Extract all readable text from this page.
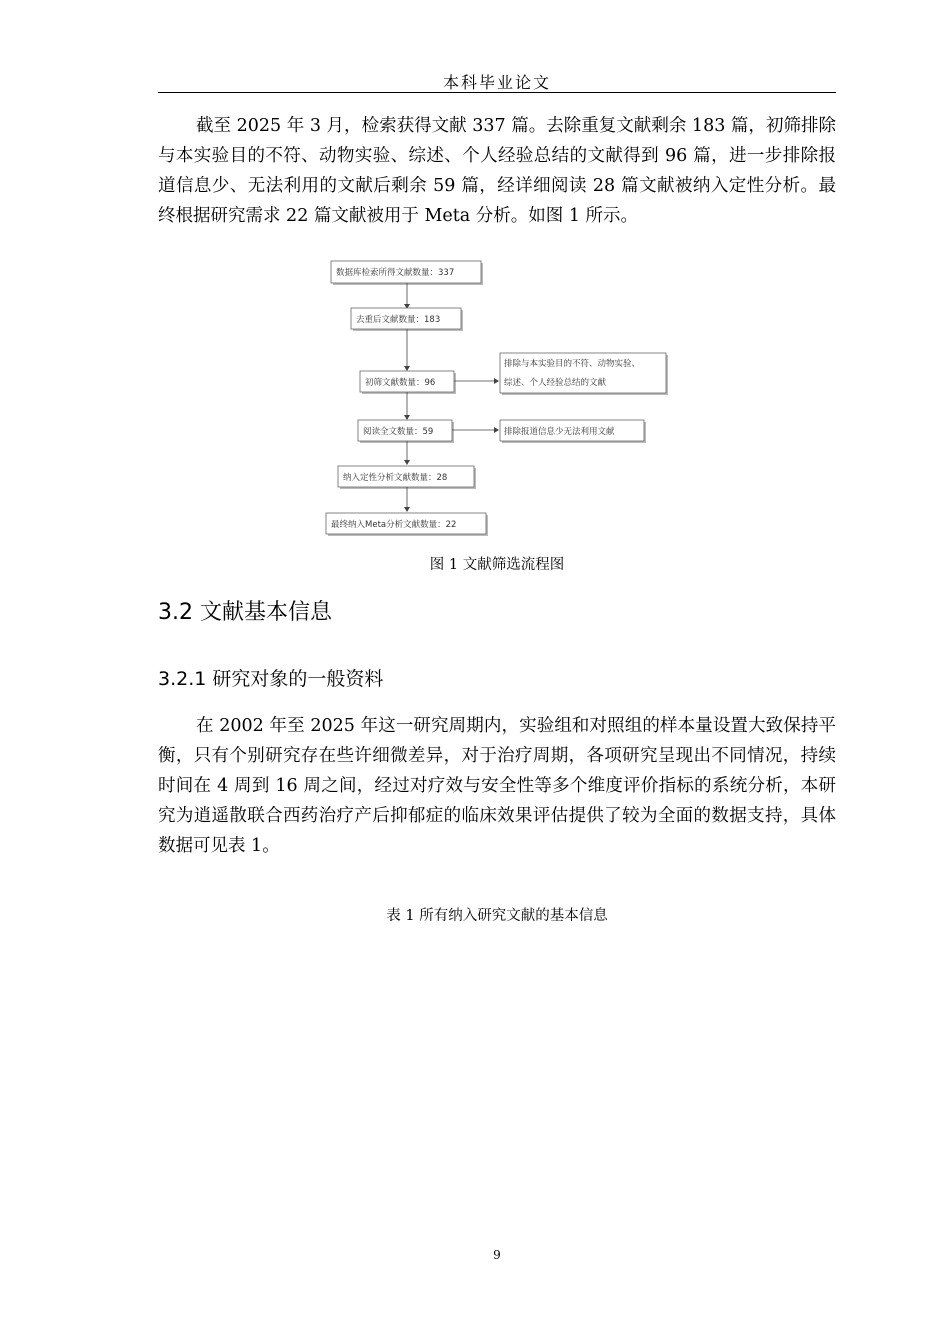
本科毕业论文

截至 2025 年 3 月，检索获得文献 337 篇。去除重复文献剩余 183 篇，初筛排除与本实验目的不符、动物实验、综述、个人经验总结的文献得到 96 篇，进一步排除报道信息少、无法利用的文献后剩余 59 篇，经详细阅读 28 篇文献被纳入定性分析。最终根据研究需求 22 篇文献被用于 Meta 分析。如图 1 所示。

数据库检索所得文献数量：337
去重后文献数量：183
初筛文献数量：96
排除与本实验目的不符、动物实验、
综述、个人经验总结的文献
阅读全文数量：59	排除报道信息少无法利用文献
纳入定性分析文献数量：28
最终纳入Meta分析文献数量：22
图 1 文献筛选流程图
3.2 文献基本信息
3.2.1 研究对象的一般资料

在 2002 年至 2025 年这一研究周期内，实验组和对照组的样本量设置大致保持平衡，只有个别研究存在些许细微差异，对于治疗周期，各项研究呈现出不同情况，持续时间在 4 周到 16 周之间，经过对疗效与安全性等多个维度评价指标的系统分析，本研究为逍遥散联合西药治疗产后抑郁症的临床效果评估提供了较为全面的数据支持，具体数据可见表 1。

表 1 所有纳入研究文献的基本信息
9
